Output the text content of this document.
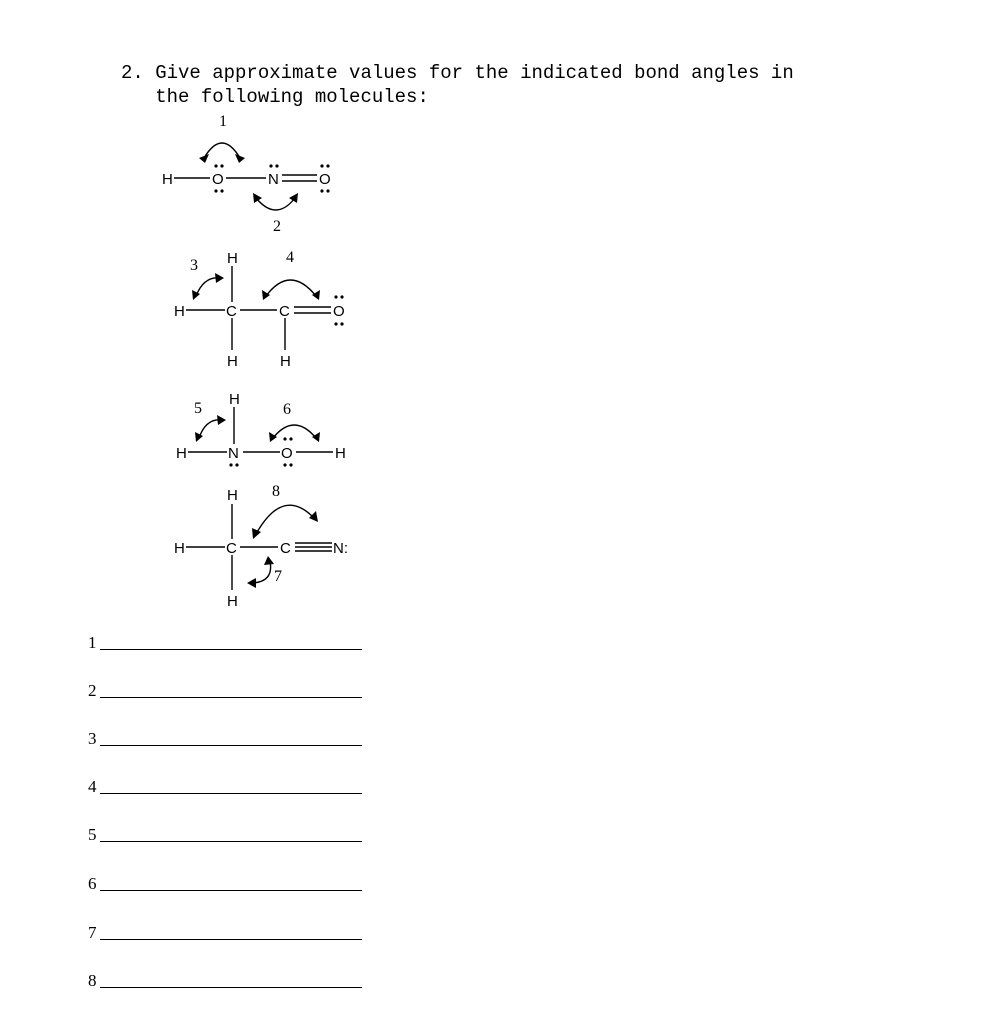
2. Give approximate values for the indicated bond angles in
the following molecules:
1
2
H	O	N	O
3	4
H
H	C	C	O
H	H
5	6
H
H	N	O	H
8
7
H
H	C	C	N:
H
1
2
3
4
5
6
7
8
